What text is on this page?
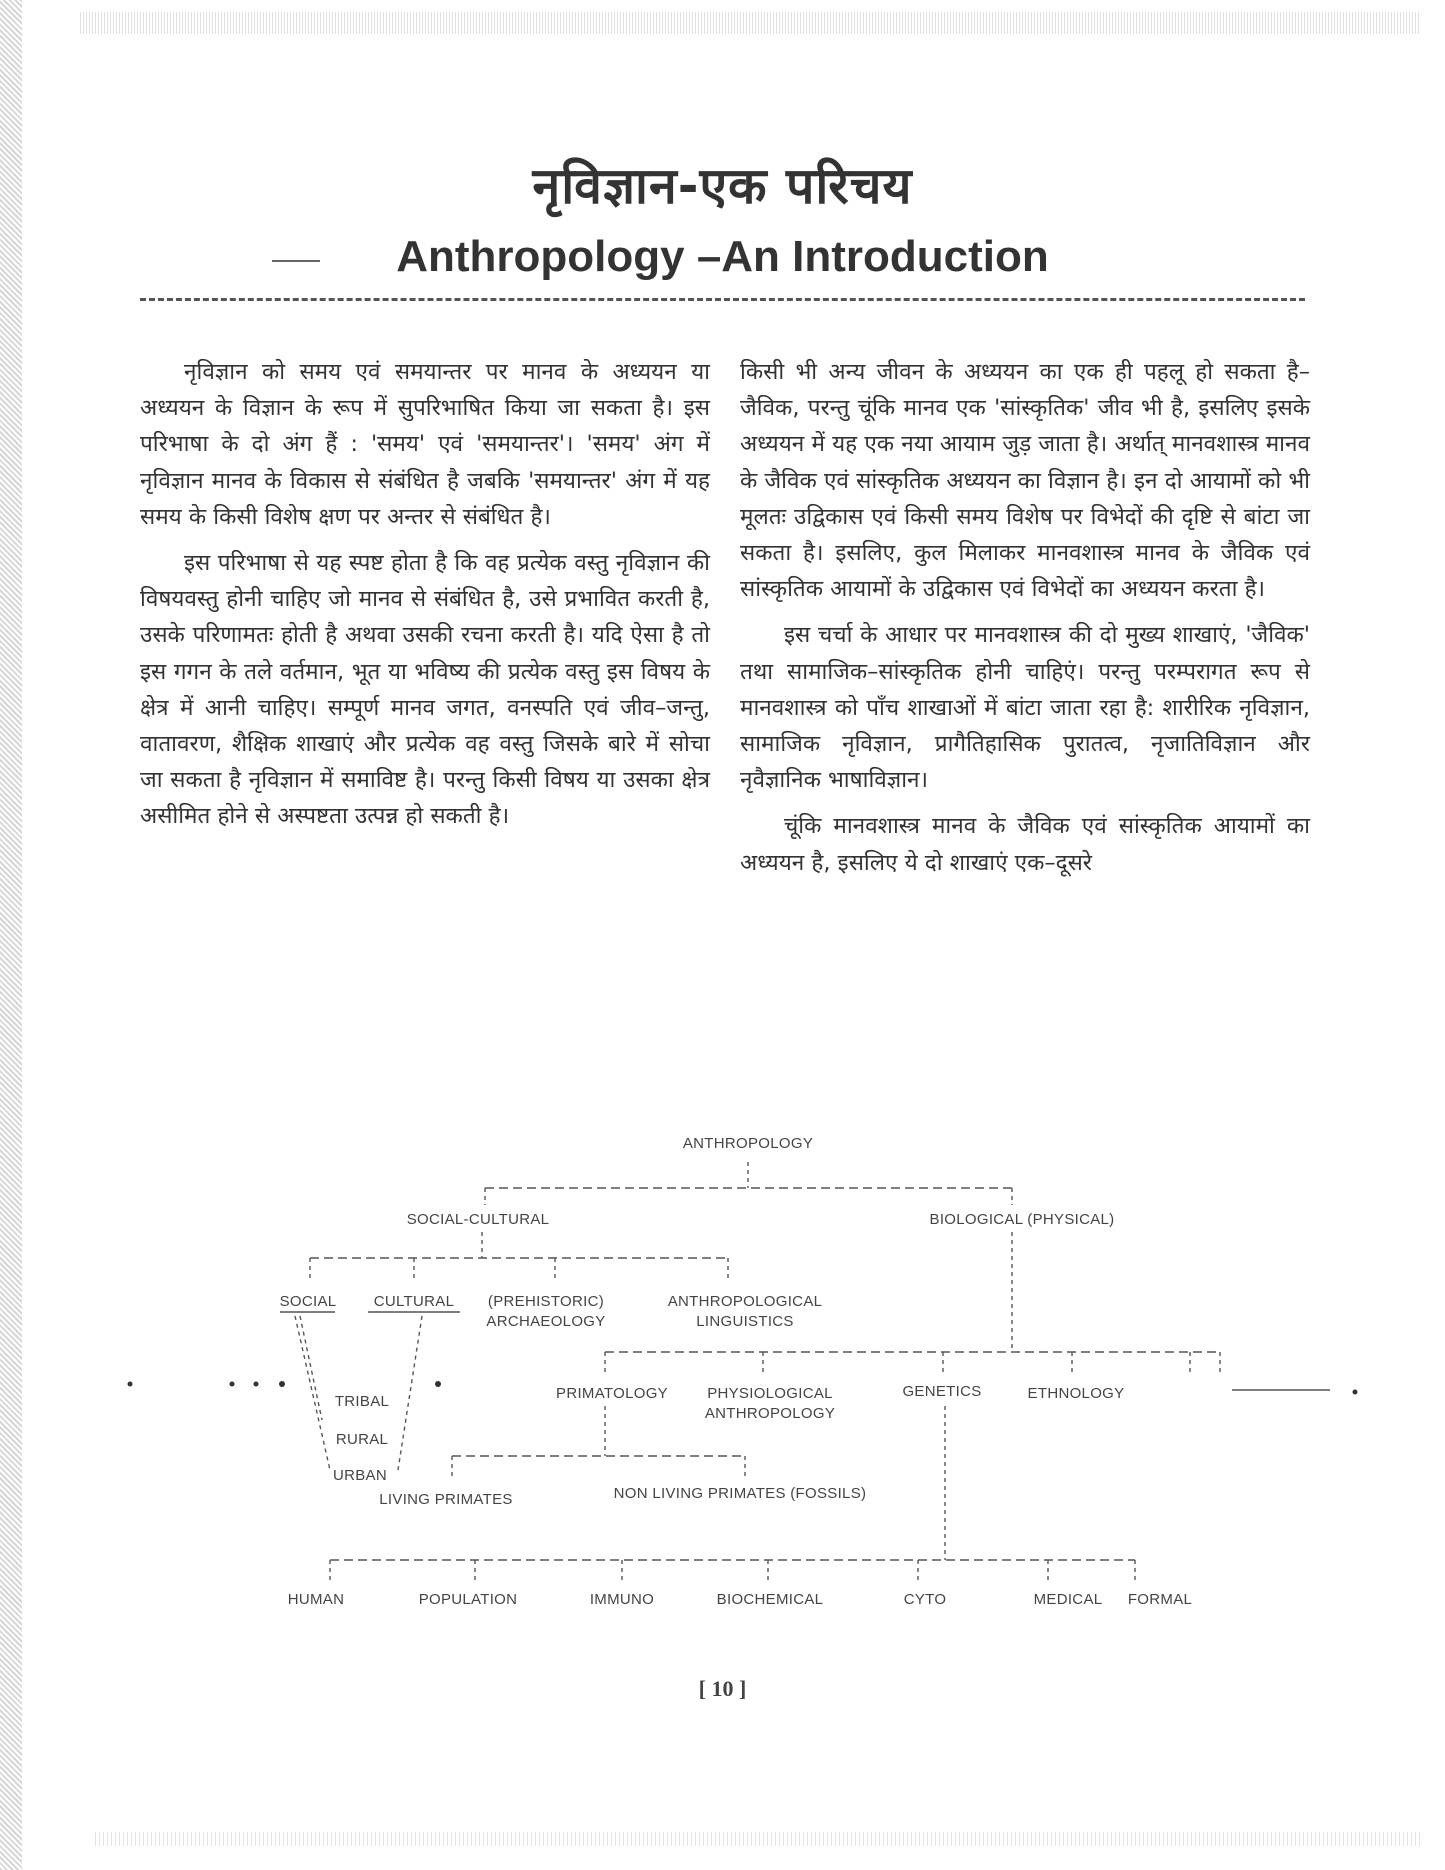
नृविज्ञान-एक परिचय
Anthropology –An Introduction

नृविज्ञान को समय एवं समयान्तर पर मानव के अध्ययन या अध्ययन के विज्ञान के रूप में सुपरिभाषित किया जा सकता है। इस परिभाषा के दो अंग हैं : 'समय' एवं 'समयान्तर'। 'समय' अंग में नृविज्ञान मानव के विकास से संबंधित है जबकि 'समयान्तर' अंग में यह समय के किसी विशेष क्षण पर अन्तर से संबंधित है।

इस परिभाषा से यह स्पष्ट होता है कि वह प्रत्येक वस्तु नृविज्ञान की विषयवस्तु होनी चाहिए जो मानव से संबंधित है, उसे प्रभावित करती है, उसके परिणामतः होती है अथवा उसकी रचना करती है। यदि ऐसा है तो इस गगन के तले वर्तमान, भूत या भविष्य की प्रत्येक वस्तु इस विषय के क्षेत्र में आनी चाहिए। सम्पूर्ण मानव जगत, वनस्पति एवं जीव–जन्तु, वातावरण, शैक्षिक शाखाएं और प्रत्येक वह वस्तु जिसके बारे में सोचा जा सकता है नृविज्ञान में समाविष्ट है। परन्तु किसी विषय या उसका क्षेत्र असीमित होने से अस्पष्टता उत्पन्न हो सकती है।

किसी भी अन्य जीवन के अध्ययन का एक ही पहलू हो सकता है– जैविक, परन्तु चूंकि मानव एक 'सांस्कृतिक' जीव भी है, इसलिए इसके अध्ययन में यह एक नया आयाम जुड़ जाता है। अर्थात् मानवशास्त्र मानव के जैविक एवं सांस्कृतिक अध्ययन का विज्ञान है। इन दो आयामों को भी मूलतः उद्विकास एवं किसी समय विशेष पर विभेदों की दृष्टि से बांटा जा सकता है। इसलिए, कुल मिलाकर मानवशास्त्र मानव के जैविक एवं सांस्कृतिक आयामों के उद्विकास एवं विभेदों का अध्ययन करता है।

इस चर्चा के आधार पर मानवशास्त्र की दो मुख्य शाखाएं, 'जैविक' तथा सामाजिक–सांस्कृतिक होनी चाहिएं। परन्तु परम्परागत रूप से मानवशास्त्र को पाँच शाखाओं में बांटा जाता रहा है: शारीरिक नृविज्ञान, सामाजिक नृविज्ञान, प्रागैतिहासिक पुरातत्व, नृजातिविज्ञान और नृवैज्ञानिक भाषाविज्ञान।

चूंकि मानवशास्त्र मानव के जैविक एवं सांस्कृतिक आयामों का अध्ययन है, इसलिए ये दो शाखाएं एक–दूसरे

ANTHROPOLOGY
SOCIAL-CULTURAL	BIOLOGICAL (PHYSICAL)
SOCIAL CULTURAL (PREHISTORIC)
ARCHAEOLOGY
ANTHROPOLOGICAL
LINGUISTICS
TRIBAL
RURAL
URBAN
PRIMATOLOGY	PHYSIOLOGICAL
ANTHROPOLOGY
GENETICS	ETHNOLOGY
LIVING PRIMATES	NON LIVING PRIMATES (FOSSILS)
HUMAN	POPULATION	IMMUNO	BIOCHEMICAL	CYTO	MEDICAL FORMAL
[ 10 ]
